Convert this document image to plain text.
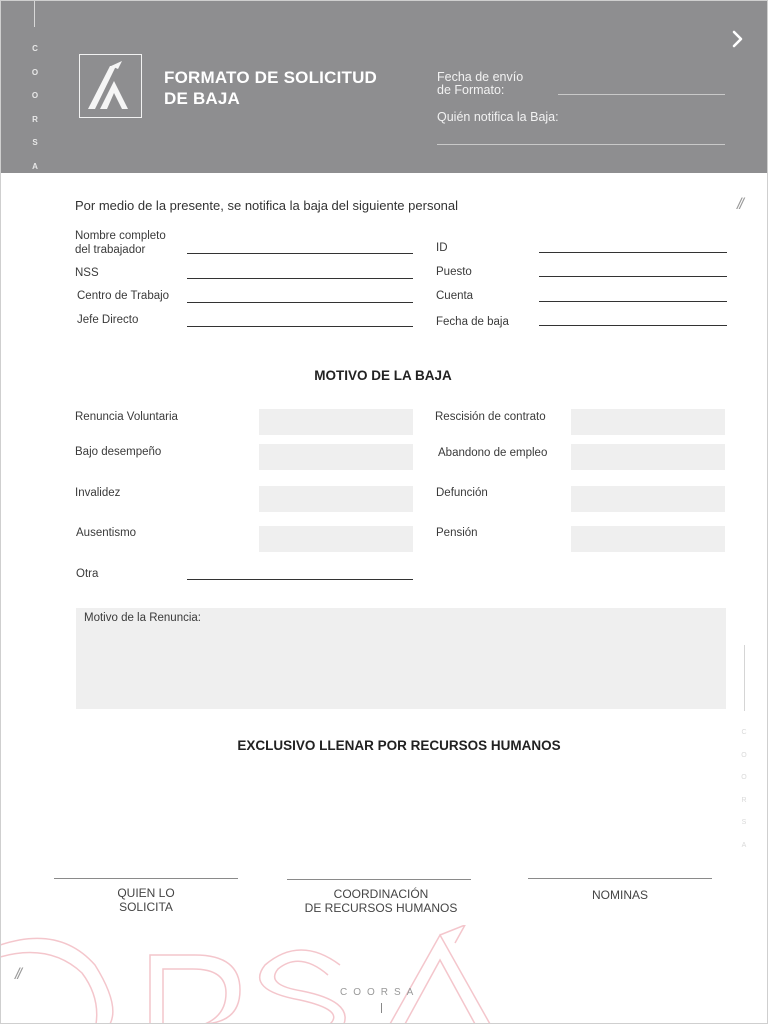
C
O
O
R
S
A
FORMATO DE SOLICITUD
DE BAJA
Fecha de envío
de Formato:
Quién notifica la Baja:
Por medio de la presente, se notifica la baja del siguiente personal	//
Nombre completo
del trabajador
NSS
Centro de Trabajo
Jefe Directo
ID
Puesto
Cuenta
Fecha de baja
MOTIVO DE LA BAJA
Renuncia Voluntaria
Bajo desempeño
Invalidez
Ausentismo
Otra
Rescisión de contrato
Abandono de empleo
Defunción
Pensión
Motivo de la Renuncia:
EXCLUSIVO LLENAR POR RECURSOS HUMANOS
QUIEN LO
SOLICITA
COORDINACIÓN
DE RECURSOS HUMANOS
NOMINAS
C
O
O
R
S
A
//
COORSA
